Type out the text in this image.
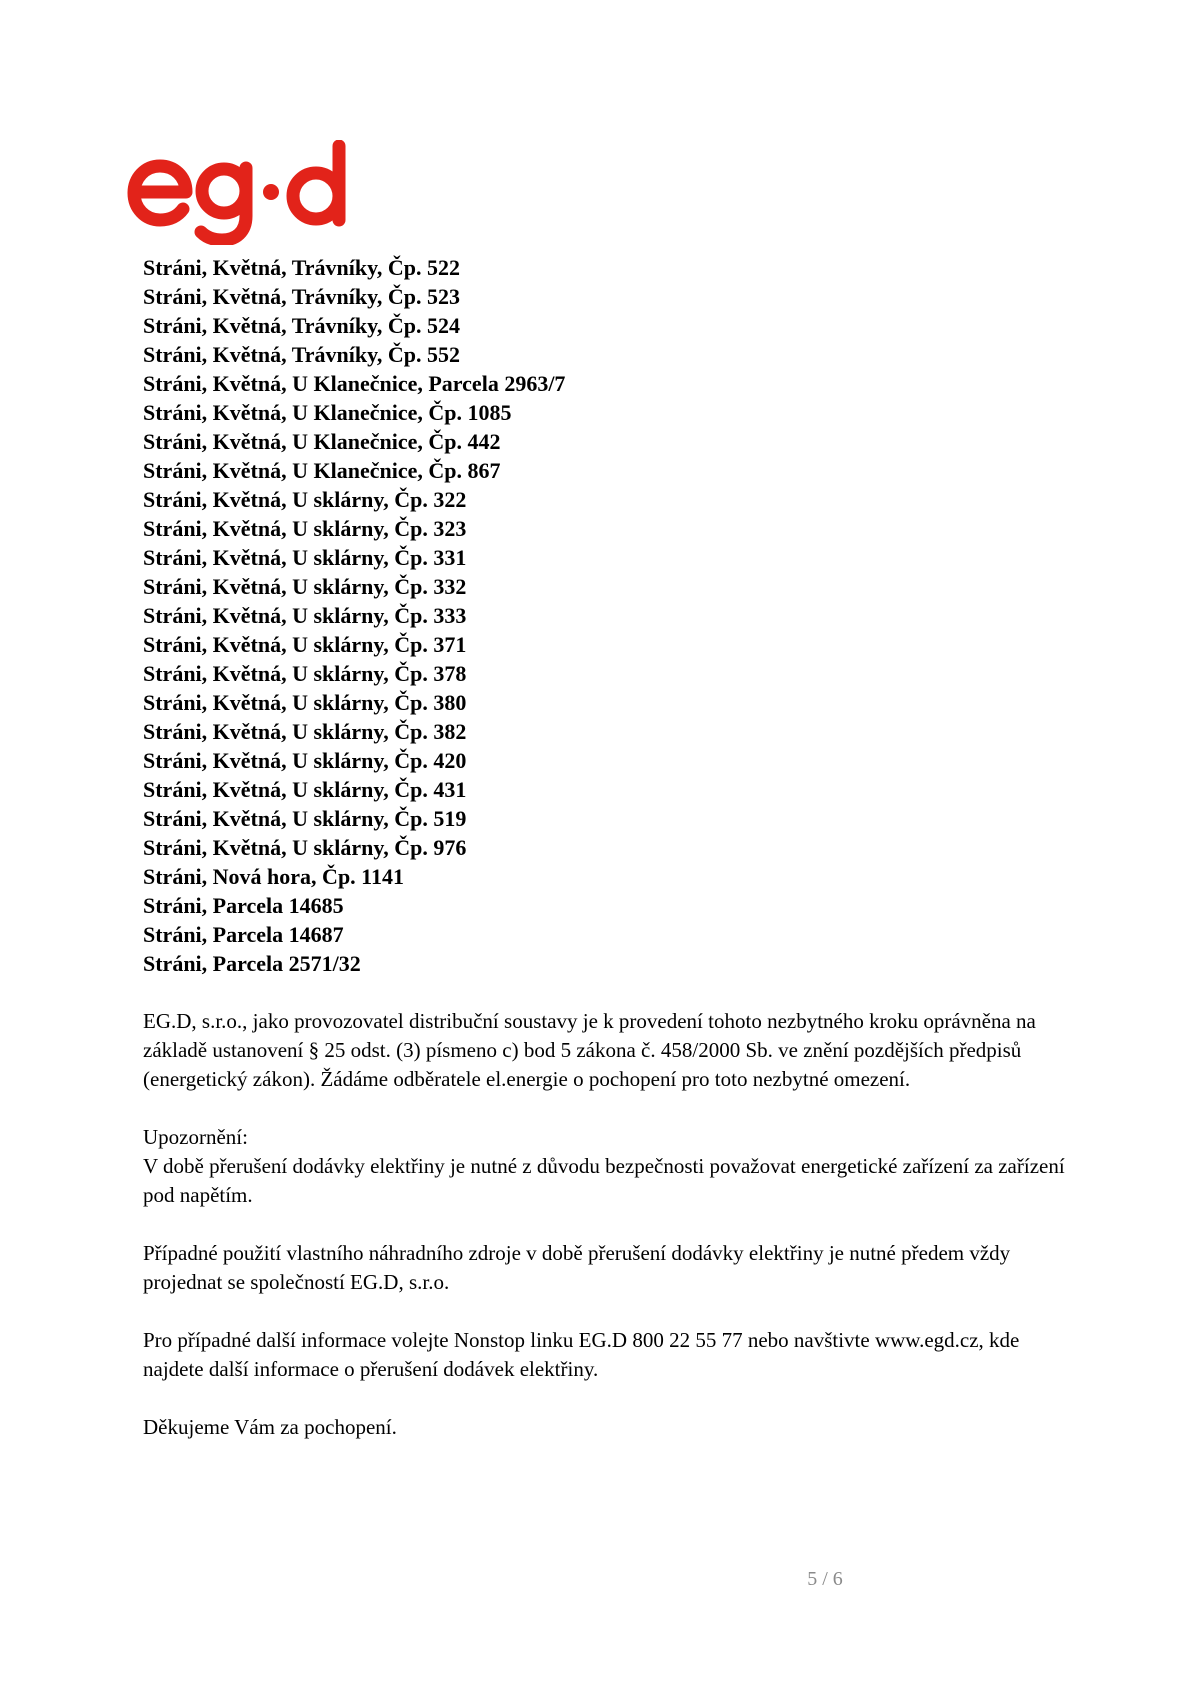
Stráni, Květná, Trávníky, Čp. 522
Stráni, Květná, Trávníky, Čp. 523
Stráni, Květná, Trávníky, Čp. 524
Stráni, Květná, Trávníky, Čp. 552
Stráni, Květná, U Klanečnice, Parcela 2963/7
Stráni, Květná, U Klanečnice, Čp. 1085
Stráni, Květná, U Klanečnice, Čp. 442
Stráni, Květná, U Klanečnice, Čp. 867
Stráni, Květná, U sklárny, Čp. 322
Stráni, Květná, U sklárny, Čp. 323
Stráni, Květná, U sklárny, Čp. 331
Stráni, Květná, U sklárny, Čp. 332
Stráni, Květná, U sklárny, Čp. 333
Stráni, Květná, U sklárny, Čp. 371
Stráni, Květná, U sklárny, Čp. 378
Stráni, Květná, U sklárny, Čp. 380
Stráni, Květná, U sklárny, Čp. 382
Stráni, Květná, U sklárny, Čp. 420
Stráni, Květná, U sklárny, Čp. 431
Stráni, Květná, U sklárny, Čp. 519
Stráni, Květná, U sklárny, Čp. 976
Stráni, Nová hora, Čp. 1141
Stráni, Parcela 14685
Stráni, Parcela 14687
Stráni, Parcela 2571/32

EG.D, s.r.o., jako provozovatel distribuční soustavy je k provedení tohoto nezbytného kroku oprávněna na základě ustanovení § 25 odst. (3) písmeno c) bod 5 zákona č. 458/2000 Sb. ve znění pozdějších předpisů (energetický zákon). Žádáme odběratele el.energie o pochopení pro toto nezbytné omezení.

Upozornění:

V době přerušení dodávky elektřiny je nutné z důvodu bezpečnosti považovat energetické zařízení za zařízení pod napětím.

Případné použití vlastního náhradního zdroje v době přerušení dodávky elektřiny je nutné předem vždy projednat se společností EG.D, s.r.o.

Pro případné další informace volejte Nonstop linku EG.D 800 22 55 77 nebo navštivte www.egd.cz, kde najdete další informace o přerušení dodávek elektřiny.

Děkujeme Vám za pochopení.

5 / 6
